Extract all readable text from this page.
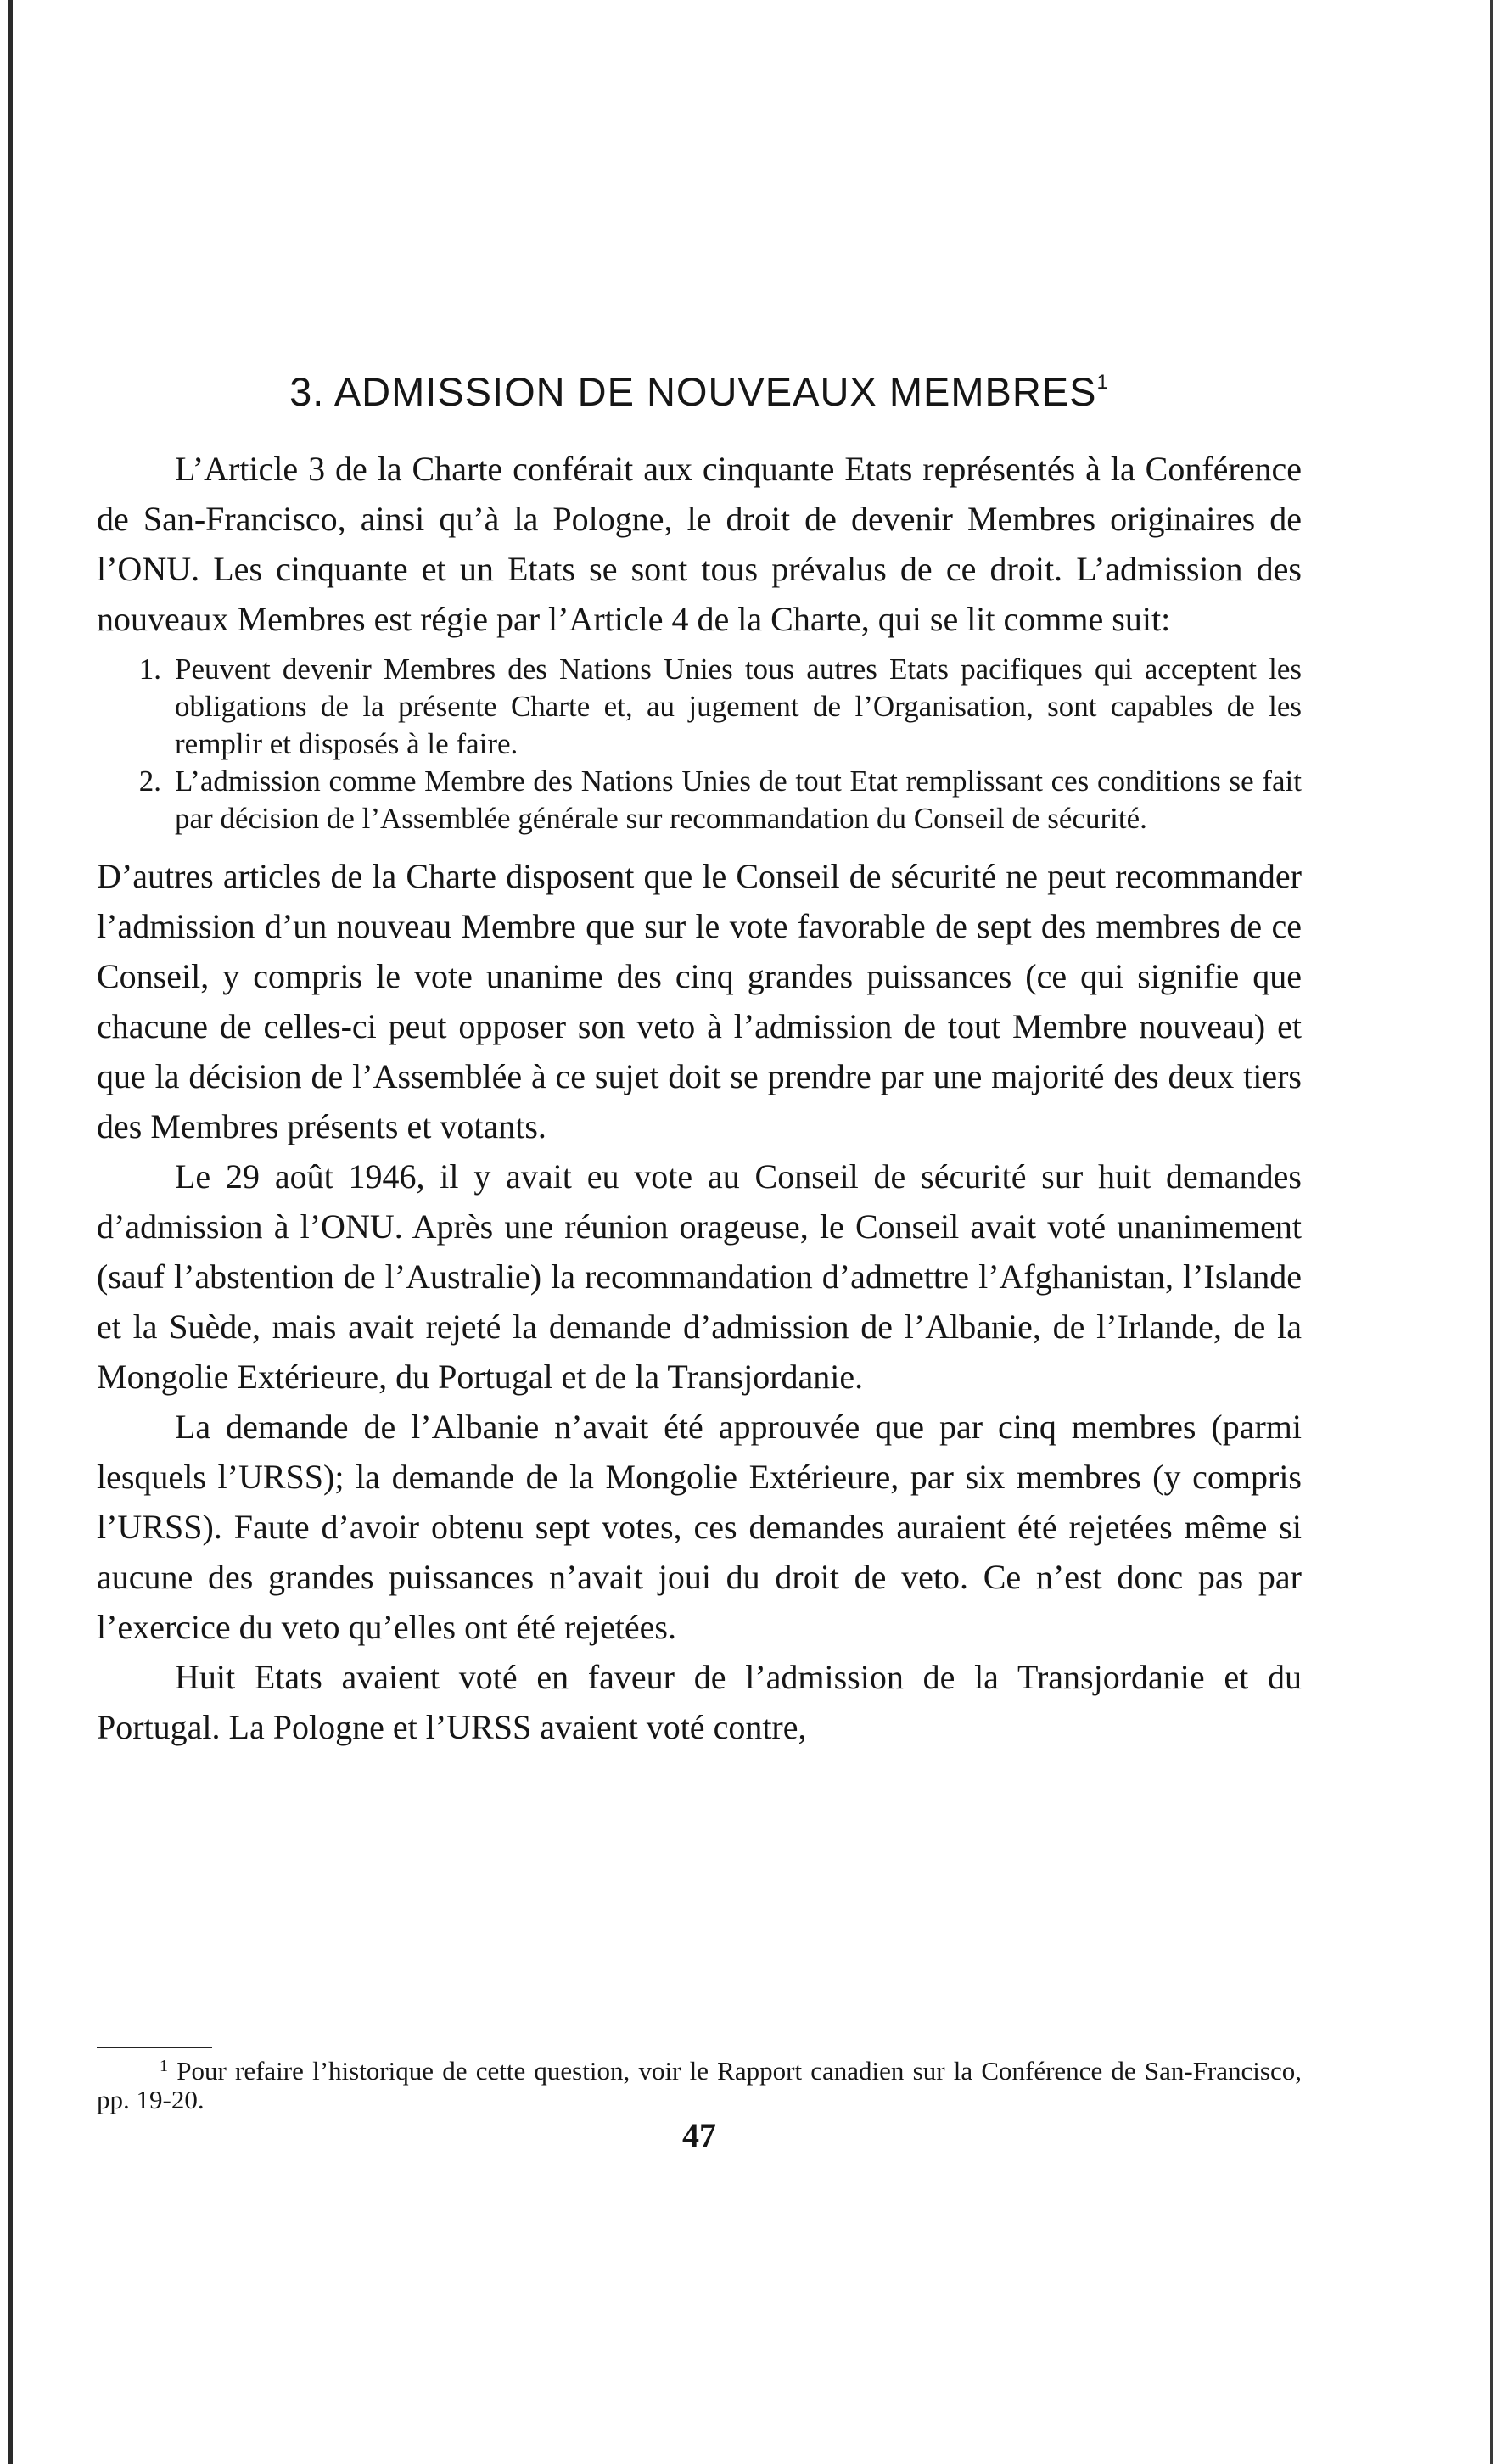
3. ADMISSION DE NOUVEAUX MEMBRES$^1$

L’Article 3 de la Charte conférait aux cinquante Etats représentés à la Conférence de San-Francisco, ainsi qu’à la Pologne, le droit de devenir Membres originaires de l’ONU. Les cinquante et un Etats se sont tous prévalus de ce droit. L’admission des nouveaux Membres est régie par l’Article 4 de la Charte, qui se lit comme suit:

1. Peuvent devenir Membres des Nations Unies tous autres Etats pacifiques qui acceptent les obligations de la présente Charte et, au jugement de l’Organisation, sont capables de les remplir et disposés à le faire.
2. L’admission comme Membre des Nations Unies de tout Etat remplissant ces conditions se fait par décision de l’Assemblée générale sur recommandation du Conseil de sécurité.

D’autres articles de la Charte disposent que le Conseil de sécurité ne peut recommander l’admission d’un nouveau Membre que sur le vote favorable de sept des membres de ce Conseil, y compris le vote unanime des cinq grandes puissances (ce qui signifie que chacune de celles-ci peut opposer son veto à l’admission de tout Membre nouveau) et que la décision de l’Assemblée à ce sujet doit se prendre par une majorité des deux tiers des Membres présents et votants.

Le 29 août 1946, il y avait eu vote au Conseil de sécurité sur huit demandes d’admission à l’ONU. Après une réunion orageuse, le Conseil avait voté unanimement (sauf l’abstention de l’Australie) la recommandation d’admettre l’Afghanistan, l’Islande et la Suède, mais avait rejeté la demande d’admission de l’Albanie, de l’Irlande, de la Mongolie Extérieure, du Portugal et de la Transjordanie.

La demande de l’Albanie n’avait été approuvée que par cinq membres (parmi lesquels l’URSS); la demande de la Mongolie Extérieure, par six membres (y compris l’URSS). Faute d’avoir obtenu sept votes, ces demandes auraient été rejetées même si aucune des grandes puissances n’avait joui du droit de veto. Ce n’est donc pas par l’exercice du veto qu’elles ont été rejetées.

Huit Etats avaient voté en faveur de l’admission de la Transjordanie et du Portugal. La Pologne et l’URSS avaient voté contre,

$^1$ Pour refaire l’historique de cette question, voir le Rapport canadien sur la Conférence de San-Francisco, pp. 19-20.

47
